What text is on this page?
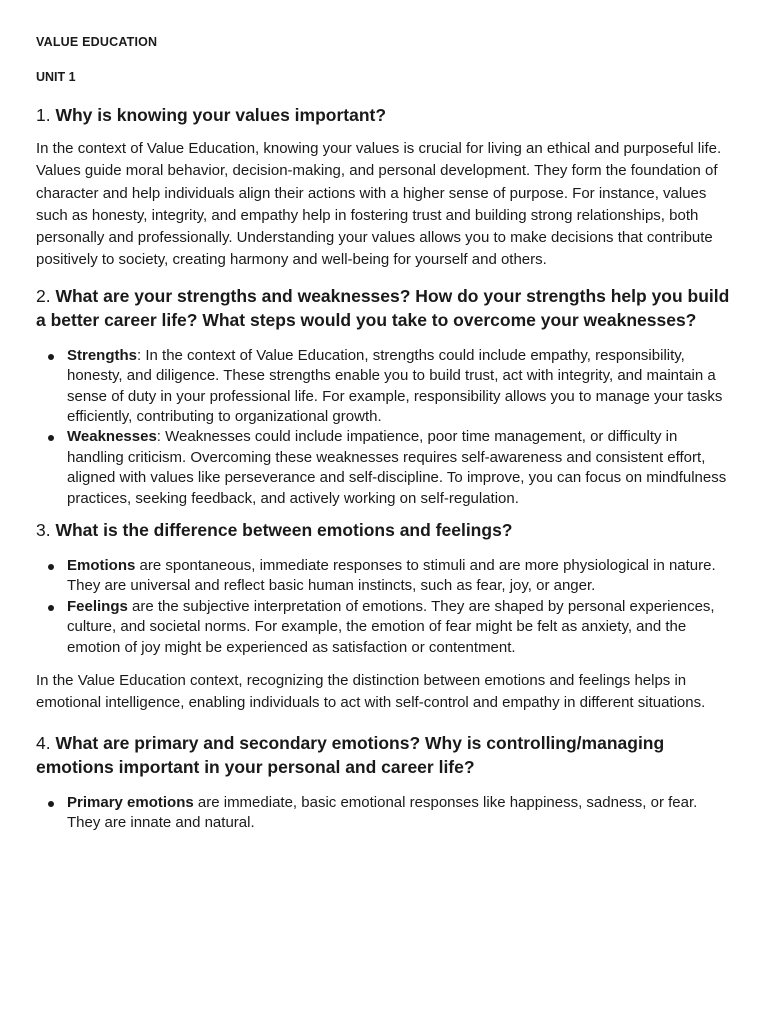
VALUE EDUCATION

UNIT 1

1. Why is knowing your values important?

In the context of Value Education, knowing your values is crucial for living an ethical and purposeful life. Values guide moral behavior, decision-making, and personal development. They form the foundation of character and help individuals align their actions with a higher sense of purpose. For instance, values such as honesty, integrity, and empathy help in fostering trust and building strong relationships, both personally and professionally. Understanding your values allows you to make decisions that contribute positively to society, creating harmony and well-being for yourself and others.

2. What are your strengths and weaknesses? How do your strengths help you build a better career life? What steps would you take to overcome your weaknesses?
Strengths: In the context of Value Education, strengths could include empathy, responsibility, honesty, and diligence. These strengths enable you to build trust, act with integrity, and maintain a sense of duty in your professional life. For example, responsibility allows you to manage your tasks efficiently, contributing to organizational growth.
Weaknesses: Weaknesses could include impatience, poor time management, or difficulty in handling criticism. Overcoming these weaknesses requires self-awareness and consistent effort, aligned with values like perseverance and self-discipline. To improve, you can focus on mindfulness practices, seeking feedback, and actively working on self-regulation.
3. What is the difference between emotions and feelings?
Emotions are spontaneous, immediate responses to stimuli and are more physiological in nature. They are universal and reflect basic human instincts, such as fear, joy, or anger.
Feelings are the subjective interpretation of emotions. They are shaped by personal experiences, culture, and societal norms. For example, the emotion of fear might be felt as anxiety, and the emotion of joy might be experienced as satisfaction or contentment.

In the Value Education context, recognizing the distinction between emotions and feelings helps in emotional intelligence, enabling individuals to act with self-control and empathy in different situations.

4. What are primary and secondary emotions? Why is controlling/managing emotions important in your personal and career life?
Primary emotions are immediate, basic emotional responses like happiness, sadness, or fear. They are innate and natural.
